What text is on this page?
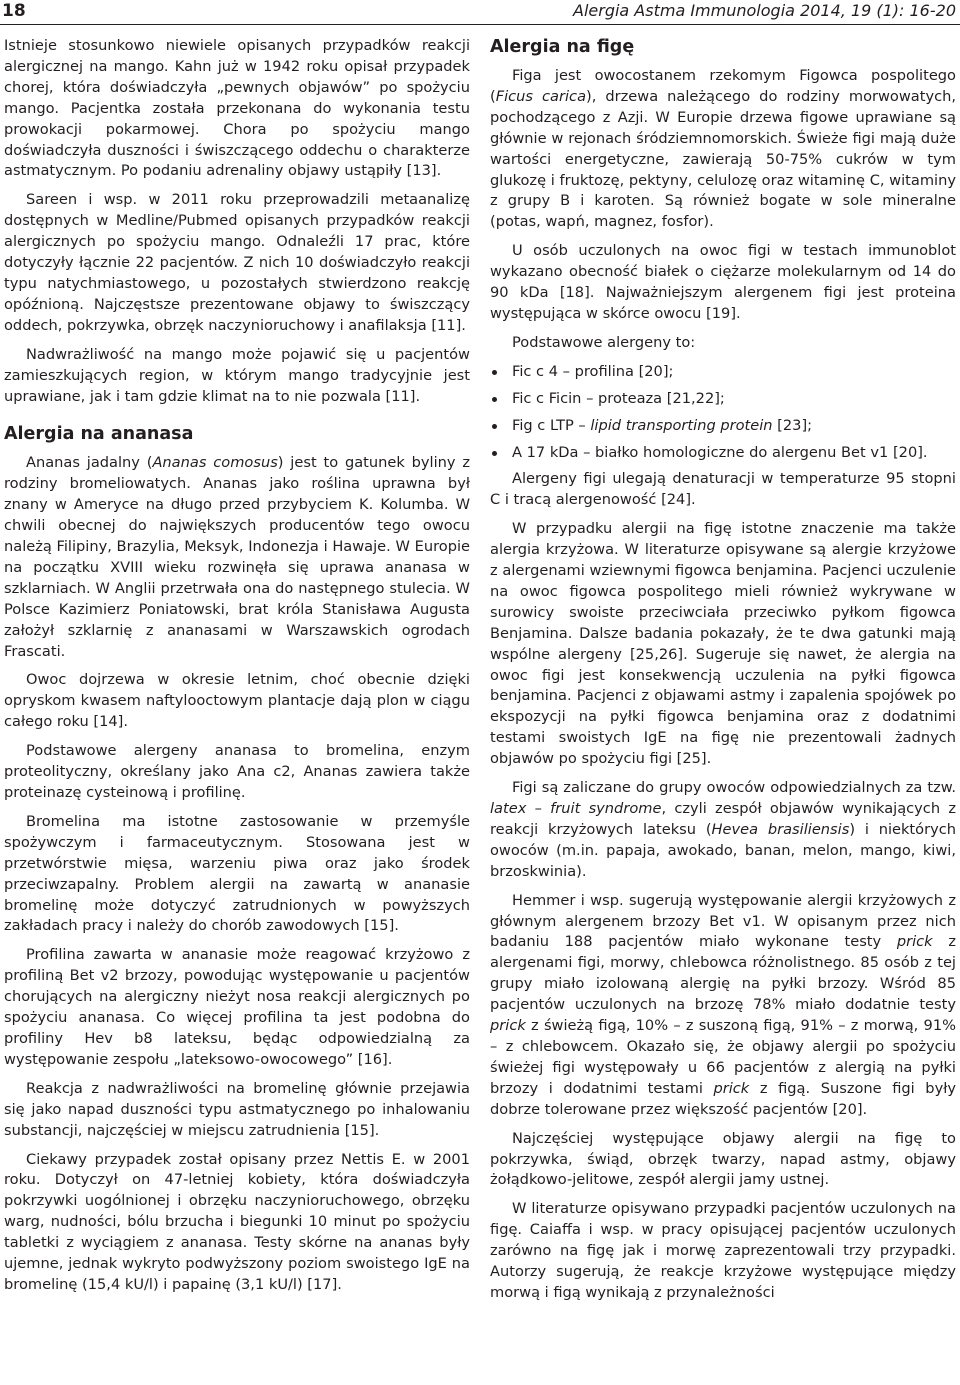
18	Alergia Astma Immunologia 2014, 19 (1): 16-20

Istnieje stosunkowo niewiele opisanych przypadków reakcji alergicznej na mango. Kahn już w 1942 roku opisał przypadek chorej, która doświadczyła „pewnych objawów” po spożyciu mango. Pacjentka została przekonana do wykonania testu prowokacji pokarmowej. Chora po spożyciu mango doświadczyła duszności i świszczącego oddechu o charakterze astmatycznym. Po podaniu adrenaliny objawy ustąpiły [13].

Sareen i wsp. w 2011 roku przeprowadzili metaanalizę dostępnych w Medline/Pubmed opisanych przypadków reakcji alergicznych po spożyciu mango. Odnaleźli 17 prac, które dotyczyły łącznie 22 pacjentów. Z nich 10 doświadczyło reakcji typu natychmiastowego, u pozostałych stwierdzono reakcję opóźnioną. Najczęstsze prezentowane objawy to świszczący oddech, pokrzywka, obrzęk naczynioruchowy i anafilaksja [11].

Nadwrażliwość na mango może pojawić się u pacjentów zamieszkujących region, w którym mango tradycyjnie jest uprawiane, jak i tam gdzie klimat na to nie pozwala [11].

Alergia na ananasa

Ananas jadalny (Ananas comosus) jest to gatunek byliny z rodziny bromeliowatych. Ananas jako roślina uprawna był znany w Ameryce na długo przed przybyciem K. Kolumba. W chwili obecnej do największych producentów tego owocu należą Filipiny, Brazylia, Meksyk, Indonezja i Hawaje. W Europie na początku XVIII wieku rozwinęła się uprawa ananasa w szklarniach. W Anglii przetrwała ona do następnego stulecia. W Polsce Kazimierz Poniatowski, brat króla Stanisława Augusta założył szklarnię z ananasami w Warszawskich ogrodach Frascati.

Owoc dojrzewa w okresie letnim, choć obecnie dzięki opryskom kwasem naftylooctowym plantacje dają plon w ciągu całego roku [14].

Podstawowe alergeny ananasa to bromelina, enzym proteolityczny, określany jako Ana c2, Ananas zawiera także proteinazę cysteinową i profilinę.

Bromelina ma istotne zastosowanie w przemyśle spożywczym i farmaceutycznym. Stosowana jest w przetwórstwie mięsa, warzeniu piwa oraz jako środek przeciwzapalny. Problem alergii na zawartą w ananasie bromelinę może dotyczyć zatrudnionych w powyższych zakładach pracy i należy do chorób zawodowych [15].

Profilina zawarta w ananasie może reagować krzyżowo z profiliną Bet v2 brzozy, powodując występowanie u pacjentów chorujących na alergiczny nieżyt nosa reakcji alergicznych po spożyciu ananasa. Co więcej profilina ta jest podobna do profiliny Hev b8 lateksu, będąc odpowiedzialną za występowanie zespołu „lateksowo-owocowego” [16].

Reakcja z nadwrażliwości na bromelinę głównie przejawia się jako napad duszności typu astmatycznego po inhalowaniu substancji, najczęściej w miejscu zatrudnienia [15].

Ciekawy przypadek został opisany przez Nettis E. w 2001 roku. Dotyczył on 47-letniej kobiety, która doświadczyła pokrzywki uogólnionej i obrzęku naczynioruchowego, obrzęku warg, nudności, bólu brzucha i biegunki 10 minut po spożyciu tabletki z wyciągiem z ananasa. Testy skórne na ananas były ujemne, jednak wykryto podwyższony poziom swoistego IgE na bromelinę (15,4 kU/l) i papainę (3,1 kU/l) [17].

Alergia na figę

Figa jest owocostanem rzekomym Figowca pospolitego (Ficus carica), drzewa należącego do rodziny morwowatych, pochodzącego z Azji. W Europie drzewa figowe uprawiane są głównie w rejonach śródziemnomorskich. Świeże figi mają duże wartości energetyczne, zawierają 50-75% cukrów w tym glukozę i fruktozę, pektyny, celulozę oraz witaminę C, witaminy z grupy B i karoten. Są również bogate w sole mineralne (potas, wapń, magnez, fosfor).

U osób uczulonych na owoc figi w testach immunoblot wykazano obecność białek o ciężarze molekularnym od 14 do 90 kDa [18]. Najważniejszym alergenem figi jest proteina występująca w skórce owocu [19].

Podstawowe alergeny to:

Fic c 4 – profilina [20];
Fic c Ficin – proteaza [21,22];
Fig c LTP – lipid transporting protein [23];
A 17 kDa – białko homologiczne do alergenu Bet v1 [20].

Alergeny figi ulegają denaturacji w temperaturze 95 stopni C i tracą alergenowość [24].

W przypadku alergii na figę istotne znaczenie ma także alergia krzyżowa. W literaturze opisywane są alergie krzyżowe z alergenami wziewnymi figowca benjamina. Pacjenci uczulenie na owoc figowca pospolitego mieli również wykrywane w surowicy swoiste przeciwciała przeciwko pyłkom figowca Benjamina. Dalsze badania pokazały, że te dwa gatunki mają wspólne alergeny [25,26]. Sugeruje się nawet, że alergia na owoc figi jest konsekwencją uczulenia na pyłki figowca benjamina. Pacjenci z objawami astmy i zapalenia spojówek po ekspozycji na pyłki figowca benjamina oraz z dodatnimi testami swoistych IgE na figę nie prezentowali żadnych objawów po spożyciu figi [25].

Figi są zaliczane do grupy owoców odpowiedzialnych za tzw. latex – fruit syndrome, czyli zespół objawów wynikających z reakcji krzyżowych lateksu (Hevea brasiliensis) i niektórych owoców (m.in. papaja, awokado, banan, melon, mango, kiwi, brzoskwinia).

Hemmer i wsp. sugerują występowanie alergii krzyżowych z głównym alergenem brzozy Bet v1. W opisanym przez nich badaniu 188 pacjentów miało wykonane testy prick z alergenami figi, morwy, chlebowca różnolistnego. 85 osób z tej grupy miało izolowaną alergię na pyłki brzozy. Wśród 85 pacjentów uczulonych na brzozę 78% miało dodatnie testy prick z świeżą figą, 10% – z suszoną figą, 91% – z morwą, 91% – z chlebowcem. Okazało się, że objawy alergii po spożyciu świeżej figi występowały u 66 pacjentów z alergią na pyłki brzozy i dodatnimi testami prick z figą. Suszone figi były dobrze tolerowane przez większość pacjentów [20].

Najczęściej występujące objawy alergii na figę to pokrzywka, świąd, obrzęk twarzy, napad astmy, objawy żołądkowo-jelitowe, zespół alergii jamy ustnej.

W literaturze opisywano przypadki pacjentów uczulonych na figę. Caiaffa i wsp. w pracy opisującej pacjentów uczulonych zarówno na figę jak i morwę zaprezentowali trzy przypadki. Autorzy sugerują, że reakcje krzyżowe występujące między morwą i figą wynikają z przynależności
